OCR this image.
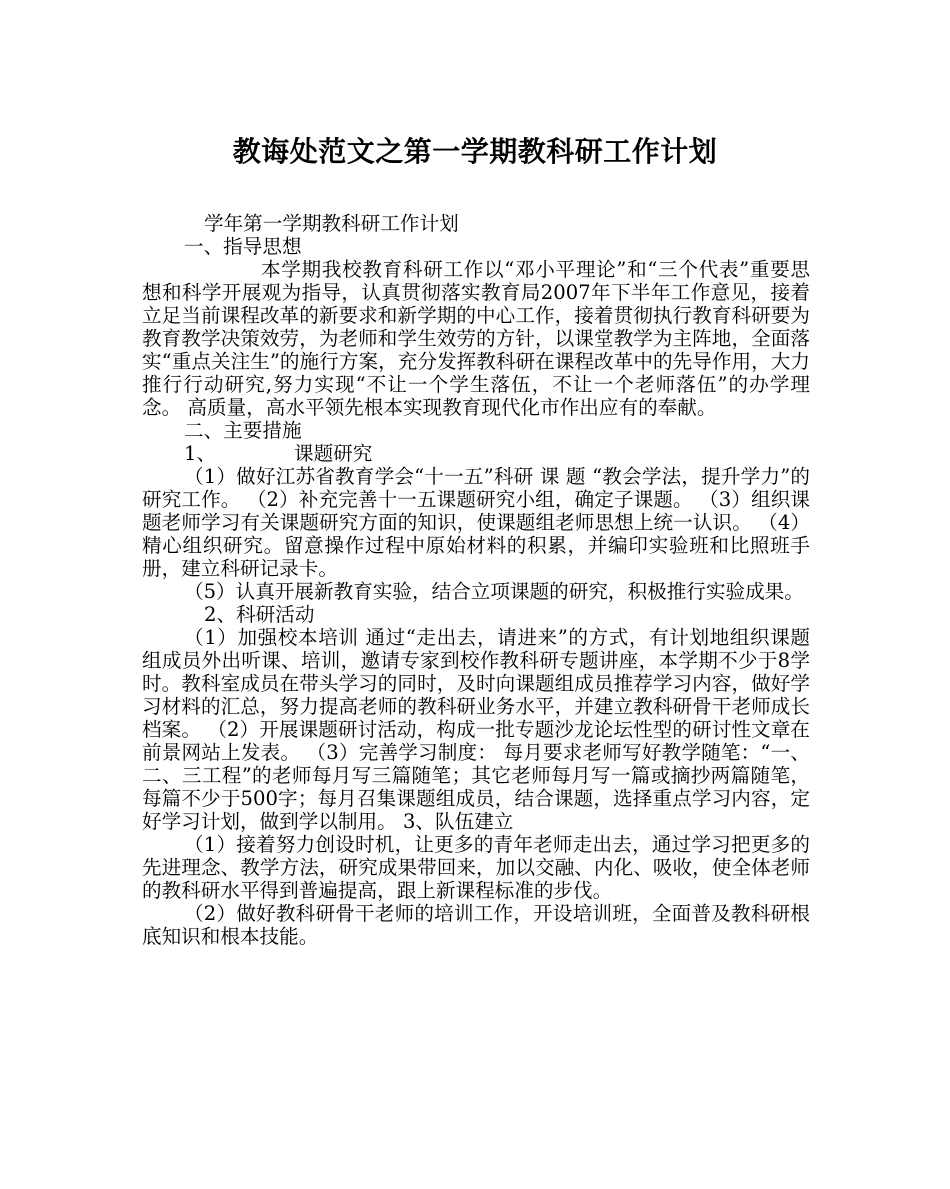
教诲处范文之第一学期教科研工作计划

学年第一学期教科研工作计划

一、指导思想

本学期我校教育科研工作以“邓小平理论”和“三个代表”重要思想和科学开展观为指导，认真贯彻落实教育局2007年下半年工作意见，接着立足当前课程改革的新要求和新学期的中心工作，接着贯彻执行教育科研要为教育教学决策效劳，为老师和学生效劳的方针，以课堂教学为主阵地，全面落实“重点关注生”的施行方案，充分发挥教科研在课程改革中的先导作用，大力推行行动研究,努力实现“不让一个学生落伍，不让一个老师落伍”的办学理念。 高质量，高水平领先根本实现教育现代化市作出应有的奉献。

二、主要措施

1、	课题研究

（1）做好江苏省教育学会“十一五”科研 课 题 “教会学法，提升学力”的研究工作。 （2）补充完善十一五课题研究小组，确定子课题。 （3）组织课题老师学习有关课题研究方面的知识，使课题组老师思想上统一认识。 （4）精心组织研究。留意操作过程中原始材料的积累，并编印实验班和比照班手册，建立科研记录卡。

（5）认真开展新教育实验，结合立项课题的研究，积极推行实验成果。

2、科研活动

（1）加强校本培训 通过“走出去，请进来”的方式，有计划地组织课题组成员外出听课、培训，邀请专家到校作教科研专题讲座，本学期不少于8学时。教科室成员在带头学习的同时，及时向课题组成员推荐学习内容，做好学习材料的汇总，努力提高老师的教科研业务水平，并建立教科研骨干老师成长档案。 （2）开展课题研讨活动，构成一批专题沙龙论坛性型的研讨性文章在前景网站上发表。 （3）完善学习制度： 每月要求老师写好教学随笔：“一、二、三工程”的老师每月写三篇随笔；其它老师每月写一篇或摘抄两篇随笔，每篇不少于500字；每月召集课题组成员，结合课题，选择重点学习内容，定好学习计划，做到学以制用。 3、队伍建立

（1）接着努力创设时机，让更多的青年老师走出去，通过学习把更多的先进理念、教学方法，研究成果带回来，加以交融、内化、吸收，使全体老师的教科研水平得到普遍提高，跟上新课程标准的步伐。

（2）做好教科研骨干老师的培训工作，开设培训班，全面普及教科研根底知识和根本技能。
